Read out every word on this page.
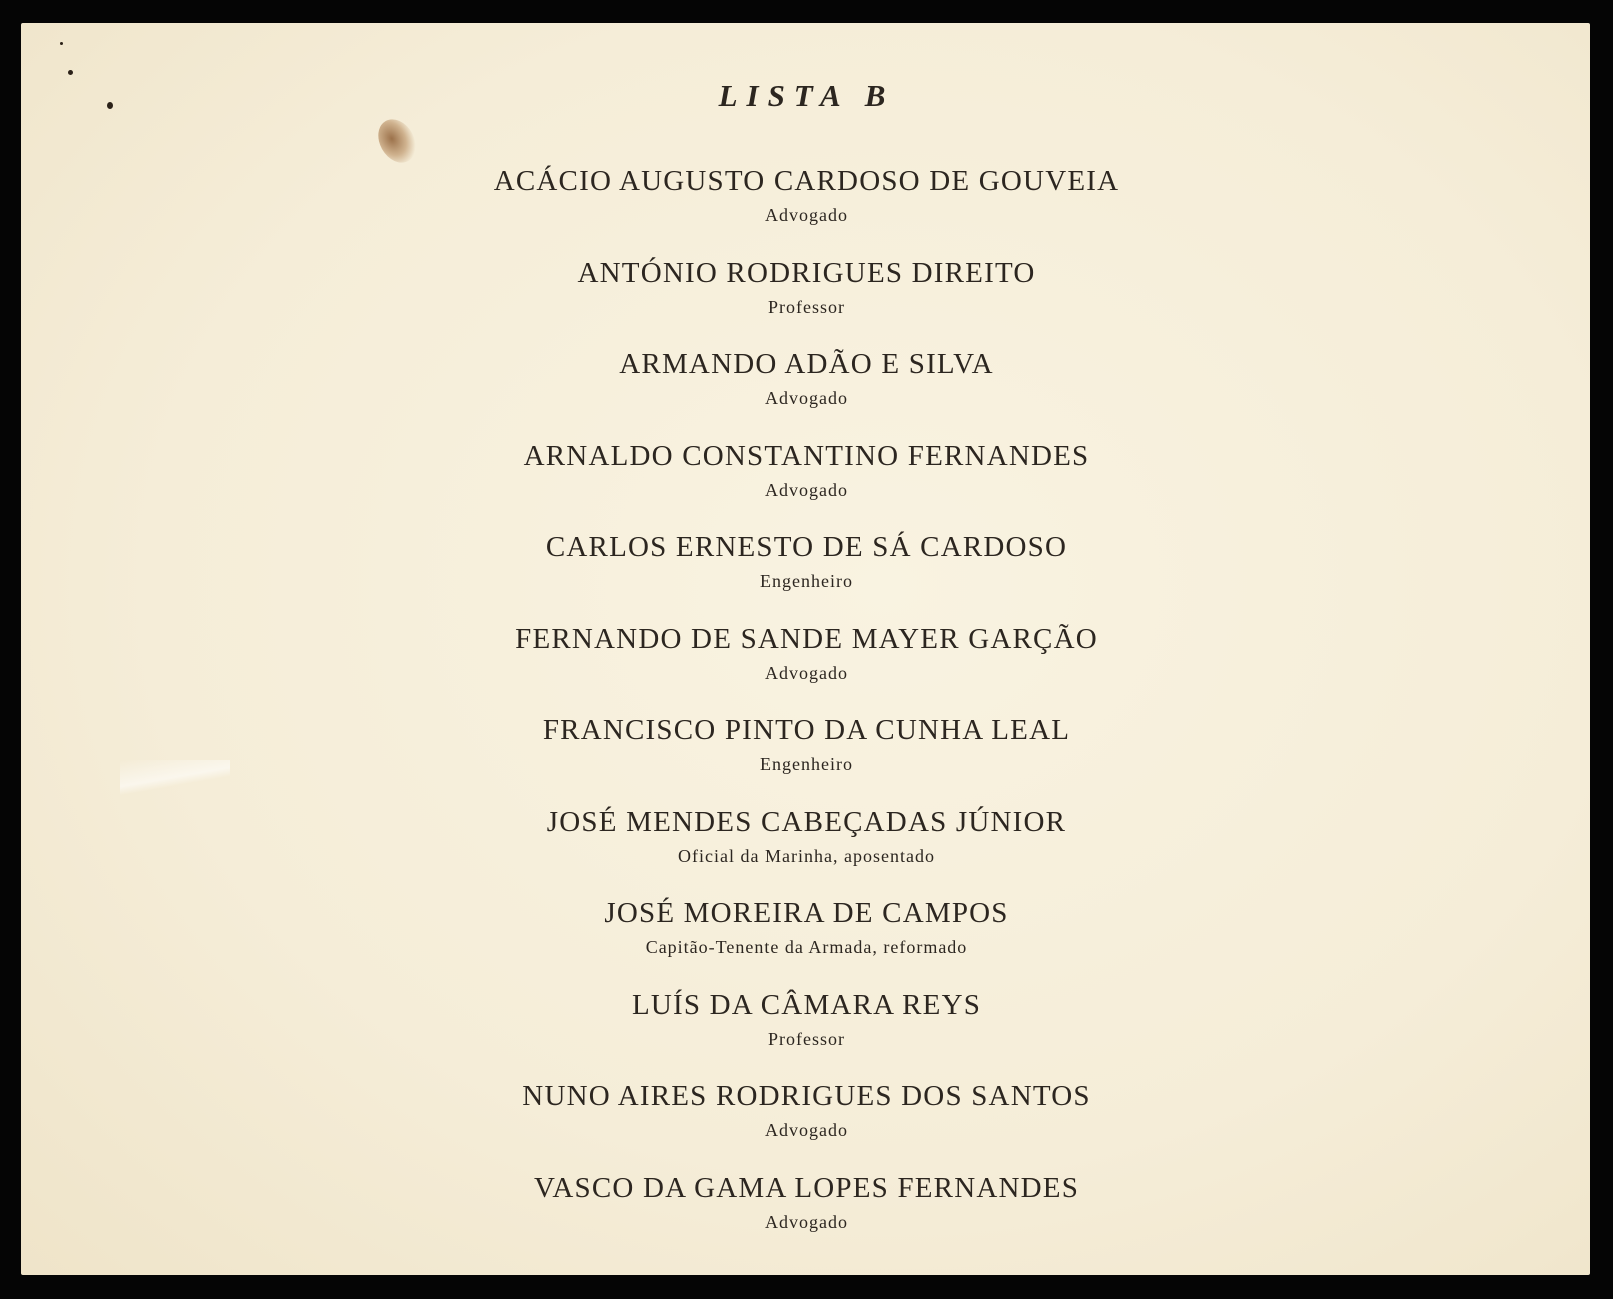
LISTA B
ACÁCIO AUGUSTO CARDOSO DE GOUVEIA
Advogado
ANTÓNIO RODRIGUES DIREITO
Professor
ARMANDO ADÃO E SILVA
Advogado
ARNALDO CONSTANTINO FERNANDES
Advogado
CARLOS ERNESTO DE SÁ CARDOSO
Engenheiro
FERNANDO DE SANDE MAYER GARÇÃO
Advogado
FRANCISCO PINTO DA CUNHA LEAL
Engenheiro
JOSÉ MENDES CABEÇADAS JÚNIOR
Oficial da Marinha, aposentado
JOSÉ MOREIRA DE CAMPOS
Capitão-Tenente da Armada, reformado
LUÍS DA CÂMARA REYS
Professor
NUNO AIRES RODRIGUES DOS SANTOS
Advogado
VASCO DA GAMA LOPES FERNANDES
Advogado
